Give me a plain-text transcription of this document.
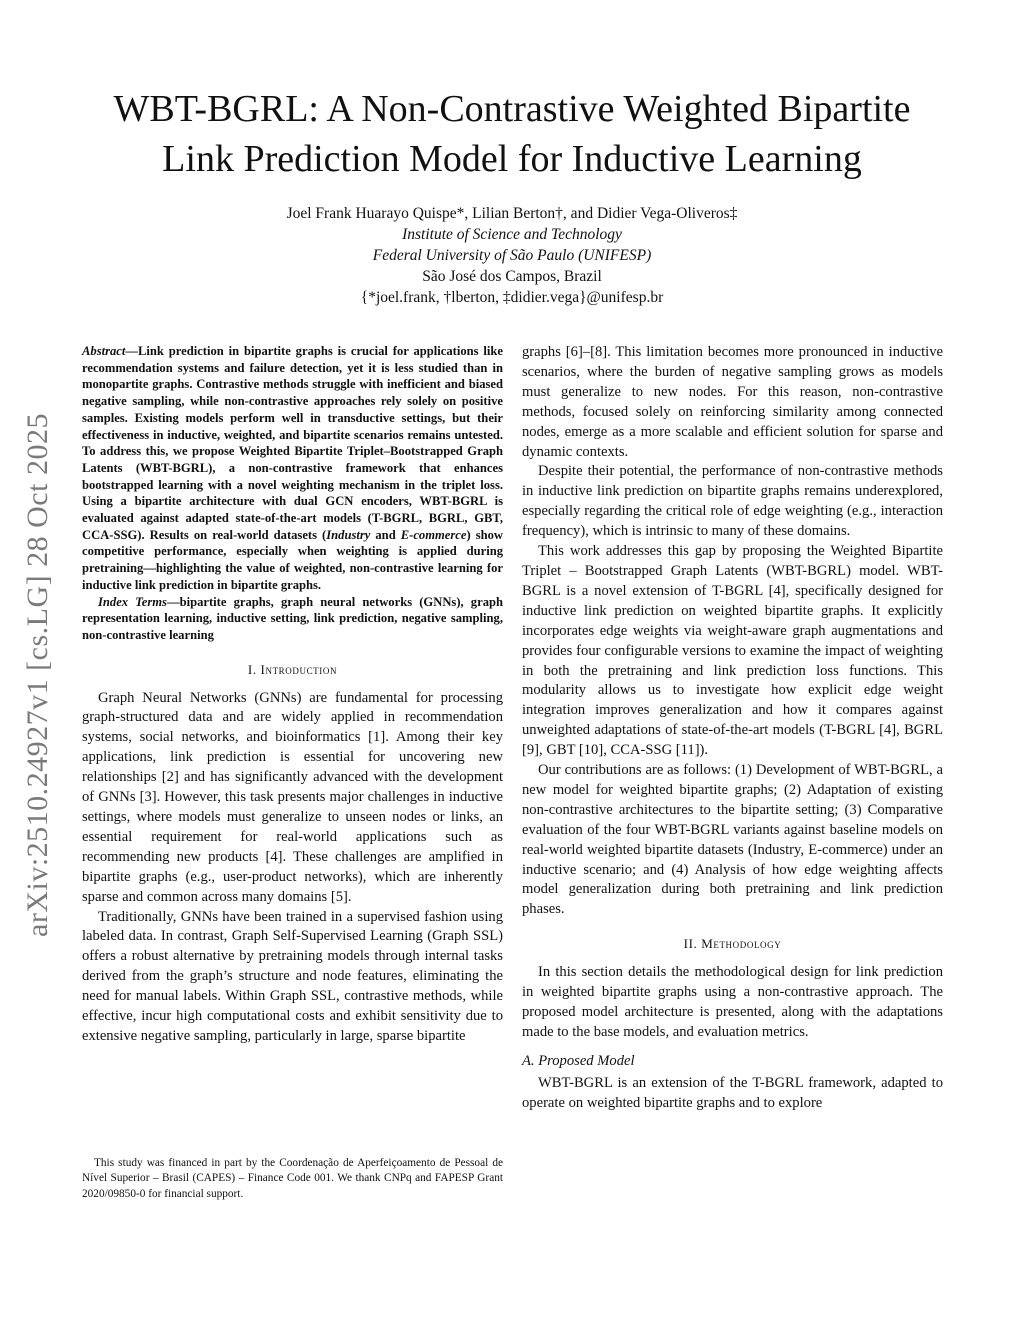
arXiv:2510.24927v1 [cs.LG] 28 Oct 2025
WBT-BGRL: A Non-Contrastive Weighted Bipartite
Link Prediction Model for Inductive Learning
Joel Frank Huarayo Quispe*, Lilian Berton†, and Didier Vega-Oliveros‡
Institute of Science and Technology
Federal University of São Paulo (UNIFESP)
São José dos Campos, Brazil
{*joel.frank, †lberton, ‡didier.vega}@unifesp.br

Abstract—Link prediction in bipartite graphs is crucial for applications like recommendation systems and failure detection, yet it is less studied than in monopartite graphs. Contrastive methods struggle with inefficient and biased negative sampling, while non-contrastive approaches rely solely on positive samples. Existing models perform well in transductive settings, but their effectiveness in inductive, weighted, and bipartite scenarios remains untested. To address this, we propose Weighted Bipartite Triplet–Bootstrapped Graph Latents (WBT-BGRL), a non-contrastive framework that enhances bootstrapped learning with a novel weighting mechanism in the triplet loss. Using a bipartite architecture with dual GCN encoders, WBT-BGRL is evaluated against adapted state-of-the-art models (T-BGRL, BGRL, GBT, CCA-SSG). Results on real-world datasets (Industry and E-commerce) show competitive performance, especially when weighting is applied during pretraining—highlighting the value of weighted, non-contrastive learning for inductive link prediction in bipartite graphs.

Index Terms—bipartite graphs, graph neural networks (GNNs), graph representation learning, inductive setting, link prediction, negative sampling, non-contrastive learning

I. Introduction

Graph Neural Networks (GNNs) are fundamental for processing graph-structured data and are widely applied in recommendation systems, social networks, and bioinformatics [1]. Among their key applications, link prediction is essential for uncovering new relationships [2] and has significantly advanced with the development of GNNs [3]. However, this task presents major challenges in inductive settings, where models must generalize to unseen nodes or links, an essential requirement for real-world applications such as recommending new products [4]. These challenges are amplified in bipartite graphs (e.g., user-product networks), which are inherently sparse and common across many domains [5].

Traditionally, GNNs have been trained in a supervised fashion using labeled data. In contrast, Graph Self-Supervised Learning (Graph SSL) offers a robust alternative by pretraining models through internal tasks derived from the graph’s structure and node features, eliminating the need for manual labels. Within Graph SSL, contrastive methods, while effective, incur high computational costs and exhibit sensitivity due to extensive negative sampling, particularly in large, sparse bipartite

This study was financed in part by the Coordenação de Aperfeiçoamento de Pessoal de Nível Superior – Brasil (CAPES) – Finance Code 001. We thank CNPq and FAPESP Grant 2020/09850-0 for financial support.

graphs [6]–[8]. This limitation becomes more pronounced in inductive scenarios, where the burden of negative sampling grows as models must generalize to new nodes. For this reason, non-contrastive methods, focused solely on reinforcing similarity among connected nodes, emerge as a more scalable and efficient solution for sparse and dynamic contexts.

Despite their potential, the performance of non-contrastive methods in inductive link prediction on bipartite graphs remains underexplored, especially regarding the critical role of edge weighting (e.g., interaction frequency), which is intrinsic to many of these domains.

This work addresses this gap by proposing the Weighted Bipartite Triplet – Bootstrapped Graph Latents (WBT-BGRL) model. WBT-BGRL is a novel extension of T-BGRL [4], specifically designed for inductive link prediction on weighted bipartite graphs. It explicitly incorporates edge weights via weight-aware graph augmentations and provides four configurable versions to examine the impact of weighting in both the pretraining and link prediction loss functions. This modularity allows us to investigate how explicit edge weight integration improves generalization and how it compares against unweighted adaptations of state-of-the-art models (T-BGRL [4], BGRL [9], GBT [10], CCA-SSG [11]).

Our contributions are as follows: (1) Development of WBT-BGRL, a new model for weighted bipartite graphs; (2) Adaptation of existing non-contrastive architectures to the bipartite setting; (3) Comparative evaluation of the four WBT-BGRL variants against baseline models on real-world weighted bipartite datasets (Industry, E-commerce) under an inductive scenario; and (4) Analysis of how edge weighting affects model generalization during both pretraining and link prediction phases.

II. Methodology

In this section details the methodological design for link prediction in weighted bipartite graphs using a non-contrastive approach. The proposed model architecture is presented, along with the adaptations made to the base models, and evaluation metrics.

A. Proposed Model

WBT-BGRL is an extension of the T-BGRL framework, adapted to operate on weighted bipartite graphs and to explore
